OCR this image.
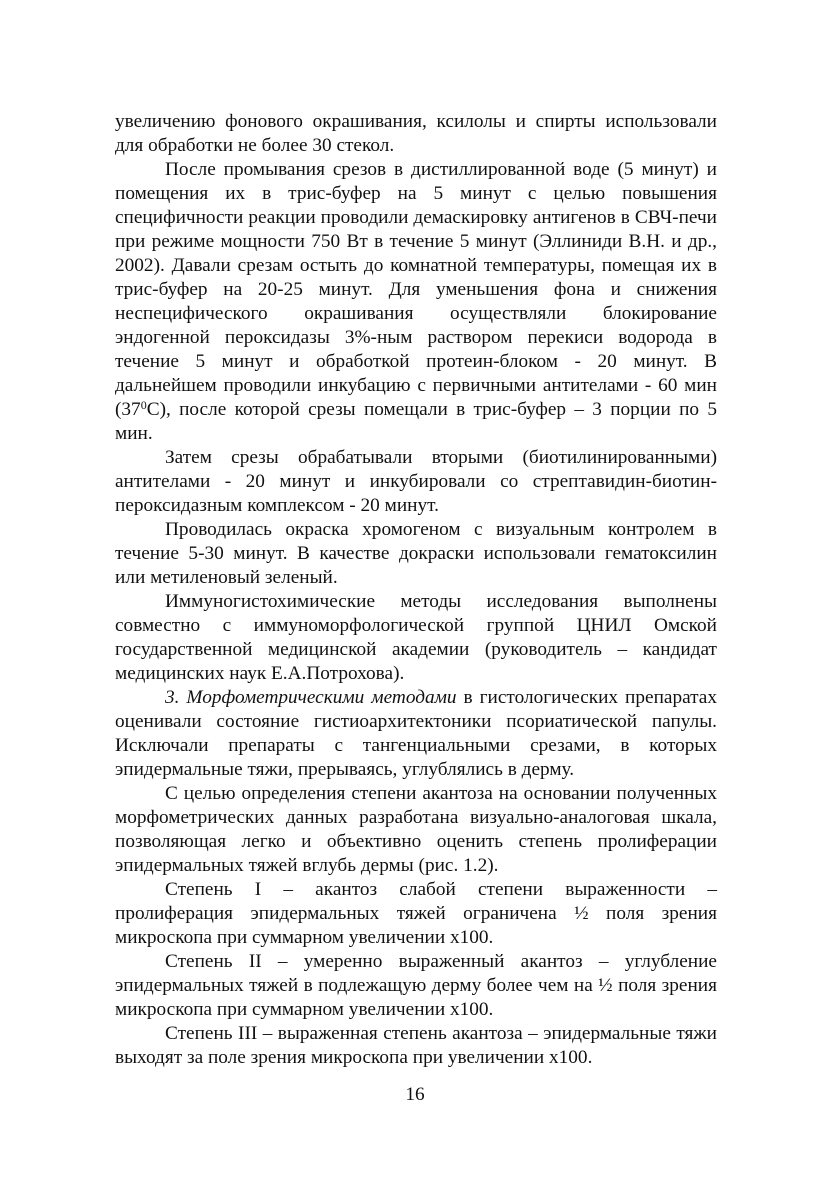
увеличению фонового окрашивания, ксилолы и спирты использовали для обработки не более 30 стекол.

После промывания срезов в дистиллированной воде (5 минут) и помещения их в трис-буфер на 5 минут с целью повышения специфичности реакции проводили демаскировку антигенов в СВЧ-печи при режиме мощности 750 Вт в течение 5 минут (Эллиниди В.Н. и др., 2002). Давали срезам остыть до комнатной температуры, помещая их в трис-буфер на 20-25 минут. Для уменьшения фона и снижения неспецифического окрашивания осуществляли блокирование эндогенной пероксидазы 3%-ным раствором перекиси водорода в течение 5 минут и обработкой протеин-блоком - 20 минут. В дальнейшем проводили инкубацию с первичными антителами - 60 мин $(37^0С)$, после которой срезы помещали в трис-буфер – 3 порции по 5 мин.

Затем срезы обрабатывали вторыми (биотилинированными) антителами - 20 минут и инкубировали со стрептавидин-биотин-пероксидазным комплексом - 20 минут.

Проводилась окраска хромогеном с визуальным контролем в течение 5-30 минут. В качестве докраски использовали гематоксилин или метиленовый зеленый.

Иммуногистохимические методы исследования выполнены совместно с иммуноморфологической группой ЦНИЛ Омской государственной медицинской академии (руководитель – кандидат медицинских наук Е.А.Потрохова).

3. Морфометрическими методами в гистологических препаратах оценивали состояние гистиоархитектоники псориатической папулы. Исключали препараты с тангенциальными срезами, в которых эпидермальные тяжи, прерываясь, углублялись в дерму.

С целью определения степени акантоза на основании полученных морфометрических данных разработана визуально-аналоговая шкала, позволяющая легко и объективно оценить степень пролиферации эпидермальных тяжей вглубь дермы (рис. 1.2).

Степень I – акантоз слабой степени выраженности – пролиферация эпидермальных тяжей ограничена ½ поля зрения микроскопа при суммарном увеличении х100.

Степень II – умеренно выраженный акантоз – углубление эпидермальных тяжей в подлежащую дерму более чем на ½ поля зрения микроскопа при суммарном увеличении х100.

Степень III – выраженная степень акантоза – эпидермальные тяжи выходят за поле зрения микроскопа при увеличении х100.

16
